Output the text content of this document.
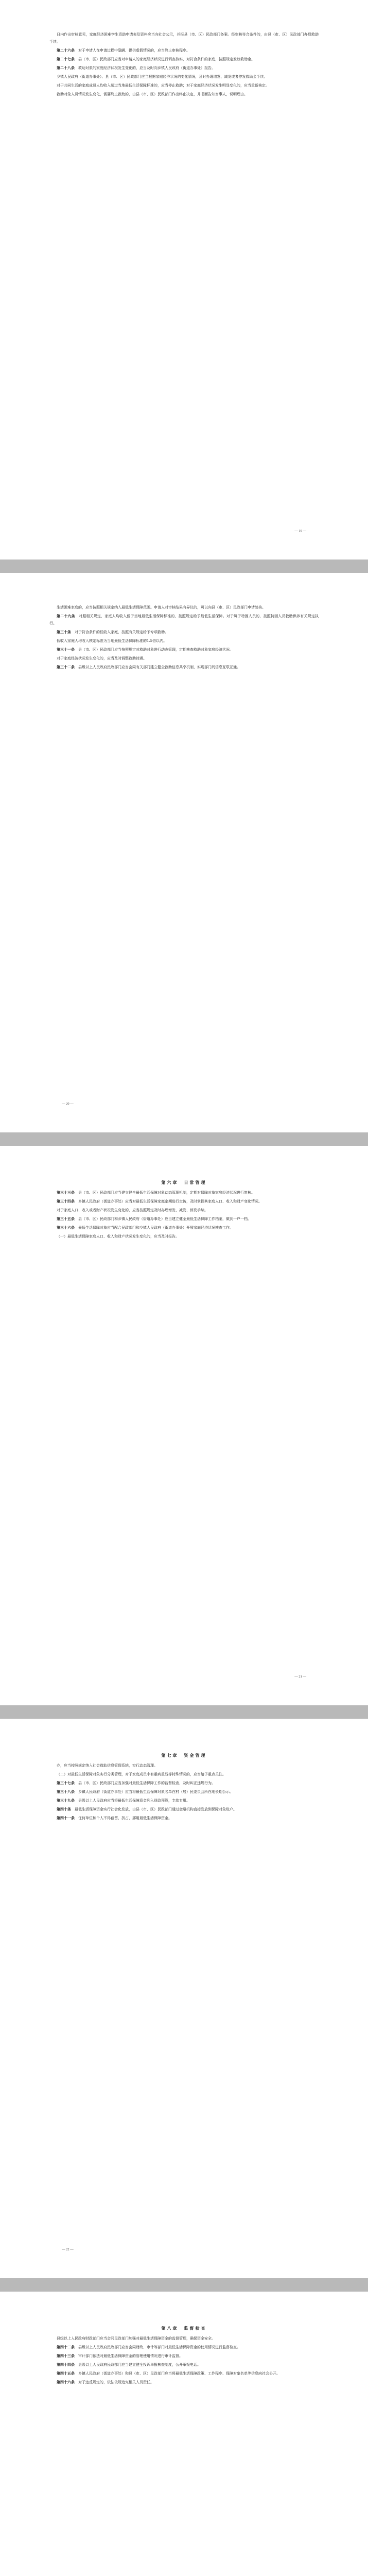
日内作出审核意见，家庭经济困难学生资助申请表及资料应当向社会公示，并报县（市、区）民政部门备案。经审核符合条件的，由县（市、区）民政部门办理救助手续。

第二十六条　 对于申请人在申请过程中隐瞒、提供虚假情况的，应当终止审核程序。

第二十七条　 县（市、区）民政部门应当对申请人的家庭经济状况进行调查核实，对符合条件的家庭，按照规定发放救助金。

第二十八条　 救助对象的家庭经济状况发生变化的，应当及时向乡镇人民政府（街道办事处）报告。

乡镇人民政府（街道办事处）、县（市、区）民政部门应当根据家庭经济状况的变化情况，及时办理增发、减发或者停发救助金手续。

对于共同生活的家庭成员人均收入超过当地最低生活保障标准的，应当停止救助；对于家庭经济状况发生明显变化的，应当重新核定。

救助对象人员情况发生变化，需要终止救助的，由县（市、区）民政部门作出终止决定，并书面告知当事人，说明理由。

— 19 —

生活困难家庭的，应当按照相关规定纳入最低生活保障范围。申请人对审核结果有异议的，可以向县（市、区）民政部门申请复核。

第二十九条　 对照相关规定，家庭人均收入低于当地最低生活保障标准的，按照规定给予最低生活保障。对于属于特困人员的，按照特困人员救助供养有关规定执行。

第三十条　 对于符合条件的低收入家庭，按照有关规定给予专项救助。

低收入家庭人均收入核定标准为当地最低生活保障标准的1.5倍以内。

第三十一条　 县（市、区）民政部门应当按照规定对救助对象进行动态管理，定期核查救助对象家庭经济状况。

对于家庭经济状况发生变化的，应当及时调整救助待遇。

第三十二条　 县级以上人民政府民政部门应当会同有关部门建立健全救助信息共享机制，实现部门间信息互联互通。

— 20 —
第六章　日常管理

第三十三条　 县（市、区）民政部门应当建立健全最低生活保障对象动态管理机制，定期对保障对象家庭经济状况进行复核。

第三十四条　 乡镇人民政府（街道办事处）应当对最低生活保障家庭定期进行走访，及时掌握其家庭人口、收入和财产变化情况。

对于家庭人口、收入或者财产状况发生变化的，应当按照规定及时办理增发、减发、停发手续。

第三十五条　 县（市、区）民政部门和乡镇人民政府（街道办事处）应当建立健全最低生活保障工作档案，做到一户一档。

第三十六条　 最低生活保障对象应当配合民政部门和乡镇人民政府（街道办事处）开展家庭经济状况核查工作。

（一）最低生活保障家庭人口、收入和财产状况发生变化的，应当及时报告。

— 21 —
第七章　资金管理

办，应当按照规定纳入社会救助信息管理系统，实行动态管理。

（二）对最低生活保障对象实行分类管理，对于家庭成员中有重病重残等特殊情况的，应当给予重点关注。

第三十七条　 县（市、区）民政部门应当加强对最低生活保障工作的监督检查，及时纠正违规行为。

第三十八条　 乡镇人民政府（街道办事处）应当将最低生活保障对象名单在村（居）民委员会所在地长期公示。

第三十九条　 县级以上人民政府应当将最低生活保障资金列入财政预算，专款专用。

第四十条　 最低生活保障资金实行社会化发放，由县（市、区）民政部门通过金融机构直接发放到保障对象账户。

第四十一条　 任何单位和个人不得截留、挤占、挪用最低生活保障资金。

— 22 —
第八章　监督检查

县级以上人民政府财政部门应当会同民政部门加强对最低生活保障资金的监督管理，确保资金安全。

第四十二条　 县级以上人民政府民政部门应当会同财政、审计等部门对最低生活保障资金的使用情况进行监督检查。

第四十三条　 审计部门依法对最低生活保障资金的管理使用情况进行审计监督。

第四十四条　 县级以上人民政府民政部门应当建立健全投诉举报核查制度，公开举报电话。

第四十五条　 乡镇人民政府（街道办事处）和县（市、区）民政部门应当将最低生活保障政策、工作程序、保障对象名单等信息向社会公开。

第四十六条　 对于违反规定的，依法依规追究相关人员责任。
